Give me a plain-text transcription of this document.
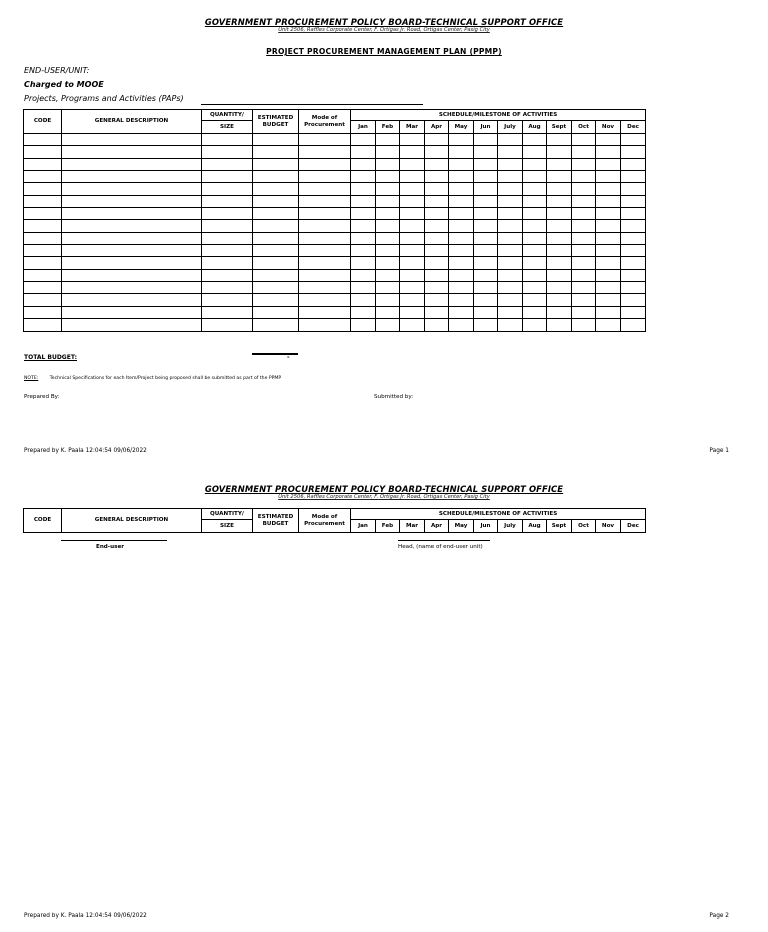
GOVERNMENT PROCUREMENT POLICY BOARD-TECHNICAL SUPPORT OFFICE
Unit 2506, Raffles Corporate Center, F. Ortigas Jr. Road, Ortigas Center, Pasig City
PROJECT PROCUREMENT MANAGEMENT PLAN (PPMP)
END-USER/UNIT:
Charged to MOOE
Projects, Programs and Activities (PAPs)
CODE	GENERAL DESCRIPTION	QUANTITY/	ESTIMATED BUDGET	Mode of Procurement	SCHEDULE/MILESTONE OF ACTIVITIES											
		SIZE			Jan	Feb	Mar	Apr	May	Jun	July	Aug	Sept	Oct	Nov	Dec

TOTAL BUDGET:	-
NOTE: Technical Specifications for each Item/Project being proposed shall be submitted as part of the PPMP
Prepared By:	Submitted by:
Prepared by K. Paala 12:04:54 09/06/2022	Page 1
GOVERNMENT PROCUREMENT POLICY BOARD-TECHNICAL SUPPORT OFFICE
Unit 2506, Raffles Corporate Center, F. Ortigas Jr. Road, Ortigas Center, Pasig City
CODE	GENERAL DESCRIPTION	QUANTITY/	ESTIMATED BUDGET	Mode of Procurement	SCHEDULE/MILESTONE OF ACTIVITIES											
		SIZE			Jan	Feb	Mar	Apr	May	Jun	July	Aug	Sept	Oct	Nov	Dec
End-user	Head, (name of end-user unit)
Prepared by K. Paala 12:04:54 09/06/2022	Page 2
